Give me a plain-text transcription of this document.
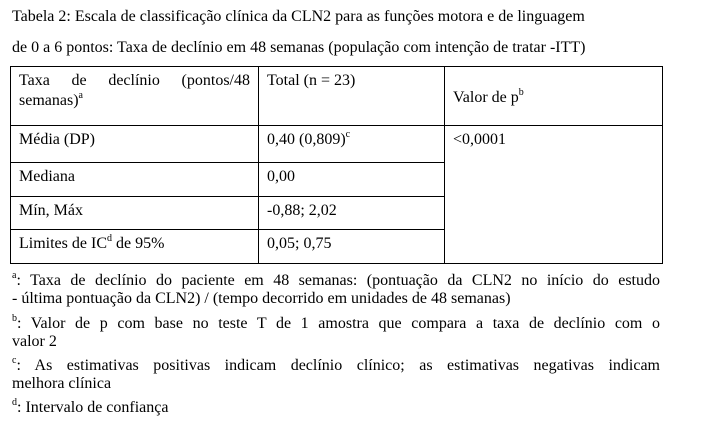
Tabela 2: Escala de classificação clínica da CLN2 para as funções motora e de linguagem
de 0 a 6 pontos: Taxa de declínio em 48 semanas (população com intenção de tratar -ITT)
Taxa de declínio (pontos/48
semanas)$^a$	Total (n = 23)	Valor de $p^b$
Média (DP)	0,40 $(0,809)^c$	<0,0001
Mediana	0,00	
Mín, Máx	-0,88; 2,02	
Limites de $IC^d$ de 95%	0,05; 0,75	
$^a$: Taxa de declínio do paciente em 48 semanas: (pontuação da CLN2 no início do estudo
- última pontuação da CLN2) / (tempo decorrido em unidades de 48 semanas)
$^b$: Valor de p com base no teste T de 1 amostra que compara a taxa de declínio com o
valor 2
$^c$: As estimativas positivas indicam declínio clínico; as estimativas negativas indicam
melhora clínica
$^d$: Intervalo de confiança
